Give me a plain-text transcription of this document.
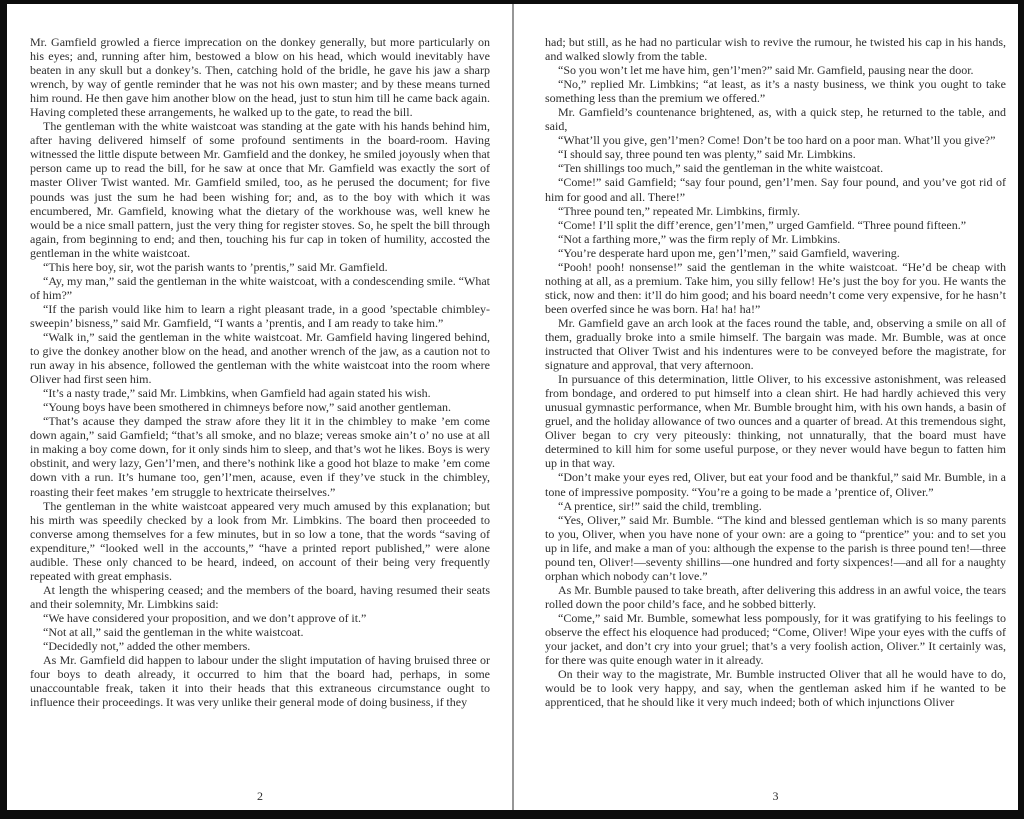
Mr. Gamfield growled a fierce imprecation on the donkey generally, but more particularly on his eyes; and, running after him, bestowed a blow on his head, which would inevitably have beaten in any skull but a donkey’s. Then, catching hold of the bridle, he gave his jaw a sharp wrench, by way of gentle reminder that he was not his own master; and by these means turned him round. He then gave him another blow on the head, just to stun him till he came back again. Having completed these arrangements, he walked up to the gate, to read the bill.

The gentleman with the white waistcoat was standing at the gate with his hands behind him, after having delivered himself of some profound sentiments in the board-room. Having witnessed the little dispute between Mr. Gamfield and the donkey, he smiled joyously when that person came up to read the bill, for he saw at once that Mr. Gamfield was exactly the sort of master Oliver Twist wanted. Mr. Gamfield smiled, too, as he perused the document; for five pounds was just the sum he had been wishing for; and, as to the boy with which it was encumbered, Mr. Gamfield, knowing what the dietary of the workhouse was, well knew he would be a nice small pattern, just the very thing for register stoves. So, he spelt the bill through again, from beginning to end; and then, touching his fur cap in token of humility, accosted the gentleman in the white waistcoat.

“This here boy, sir, wot the parish wants to ’prentis,” said Mr. Gamfield.

“Ay, my man,” said the gentleman in the white waistcoat, with a condescending smile. “What of him?”

“If the parish vould like him to learn a right pleasant trade, in a good ’spectable chimbley-sweepin’ bisness,” said Mr. Gamfield, “I wants a ’prentis, and I am ready to take him.”

“Walk in,” said the gentleman in the white waistcoat. Mr. Gamfield having lingered behind, to give the donkey another blow on the head, and another wrench of the jaw, as a caution not to run away in his absence, followed the gentleman with the white waistcoat into the room where Oliver had first seen him.

“It’s a nasty trade,” said Mr. Limbkins, when Gamfield had again stated his wish.

“Young boys have been smothered in chimneys before now,” said another gentleman.

“That’s acause they damped the straw afore they lit it in the chimbley to make ’em come down again,” said Gamfield; “that’s all smoke, and no blaze; vereas smoke ain’t o’ no use at all in making a boy come down, for it only sinds him to sleep, and that’s wot he likes. Boys is wery obstinit, and wery lazy, Gen’l’men, and there’s nothink like a good hot blaze to make ’em come down vith a run. It’s humane too, gen’l’men, acause, even if they’ve stuck in the chimbley, roasting their feet makes ’em struggle to hextricate theirselves.”

The gentleman in the white waistcoat appeared very much amused by this explanation; but his mirth was speedily checked by a look from Mr. Limbkins. The board then proceeded to converse among themselves for a few minutes, but in so low a tone, that the words “saving of expenditure,” “looked well in the accounts,” “have a printed report published,” were alone audible. These only chanced to be heard, indeed, on account of their being very frequently repeated with great emphasis.

At length the whispering ceased; and the members of the board, having resumed their seats and their solemnity, Mr. Limbkins said:

“We have considered your proposition, and we don’t approve of it.”

“Not at all,” said the gentleman in the white waistcoat.

“Decidedly not,” added the other members.

As Mr. Gamfield did happen to labour under the slight imputation of having bruised three or four boys to death already, it occurred to him that the board had, perhaps, in some unaccountable freak, taken it into their heads that this extraneous circumstance ought to influence their proceedings. It was very unlike their general mode of doing business, if they

2

had; but still, as he had no particular wish to revive the rumour, he twisted his cap in his hands, and walked slowly from the table.

“So you won’t let me have him, gen’l’men?” said Mr. Gamfield, pausing near the door.

“No,” replied Mr. Limbkins; “at least, as it’s a nasty business, we think you ought to take something less than the premium we offered.”

Mr. Gamfield’s countenance brightened, as, with a quick step, he returned to the table, and said,

“What’ll you give, gen’l’men? Come! Don’t be too hard on a poor man. What’ll you give?”

“I should say, three pound ten was plenty,” said Mr. Limbkins.

“Ten shillings too much,” said the gentleman in the white waistcoat.

“Come!” said Gamfield; “say four pound, gen’l’men. Say four pound, and you’ve got rid of him for good and all. There!”

“Three pound ten,” repeated Mr. Limbkins, firmly.

“Come! I’ll split the diff’erence, gen’l’men,” urged Gamfield. “Three pound fifteen.”

“Not a farthing more,” was the firm reply of Mr. Limbkins.

“You’re desperate hard upon me, gen’l’men,” said Gamfield, wavering.

“Pooh! pooh! nonsense!” said the gentleman in the white waistcoat. “He’d be cheap with nothing at all, as a premium. Take him, you silly fellow! He’s just the boy for you. He wants the stick, now and then: it’ll do him good; and his board needn’t come very expensive, for he hasn’t been overfed since he was born. Ha! ha! ha!”

Mr. Gamfield gave an arch look at the faces round the table, and, observing a smile on all of them, gradually broke into a smile himself. The bargain was made. Mr. Bumble, was at once instructed that Oliver Twist and his indentures were to be conveyed before the magistrate, for signature and approval, that very afternoon.

In pursuance of this determination, little Oliver, to his excessive astonishment, was released from bondage, and ordered to put himself into a clean shirt. He had hardly achieved this very unusual gymnastic performance, when Mr. Bumble brought him, with his own hands, a basin of gruel, and the holiday allowance of two ounces and a quarter of bread. At this tremendous sight, Oliver began to cry very piteously: thinking, not unnaturally, that the board must have determined to kill him for some useful purpose, or they never would have begun to fatten him up in that way.

“Don’t make your eyes red, Oliver, but eat your food and be thankful,” said Mr. Bumble, in a tone of impressive pomposity. “You’re a going to be made a ’prentice of, Oliver.”

“A prentice, sir!” said the child, trembling.

“Yes, Oliver,” said Mr. Bumble. “The kind and blessed gentleman which is so many parents to you, Oliver, when you have none of your own: are a going to “prentice” you: and to set you up in life, and make a man of you: although the expense to the parish is three pound ten!—three pound ten, Oliver!—seventy shillins—one hundred and forty sixpences!—and all for a naughty orphan which nobody can’t love.”

As Mr. Bumble paused to take breath, after delivering this address in an awful voice, the tears rolled down the poor child’s face, and he sobbed bitterly.

“Come,” said Mr. Bumble, somewhat less pompously, for it was gratifying to his feelings to observe the effect his eloquence had produced; “Come, Oliver! Wipe your eyes with the cuffs of your jacket, and don’t cry into your gruel; that’s a very foolish action, Oliver.” It certainly was, for there was quite enough water in it already.

On their way to the magistrate, Mr. Bumble instructed Oliver that all he would have to do, would be to look very happy, and say, when the gentleman asked him if he wanted to be apprenticed, that he should like it very much indeed; both of which injunctions Oliver

3
